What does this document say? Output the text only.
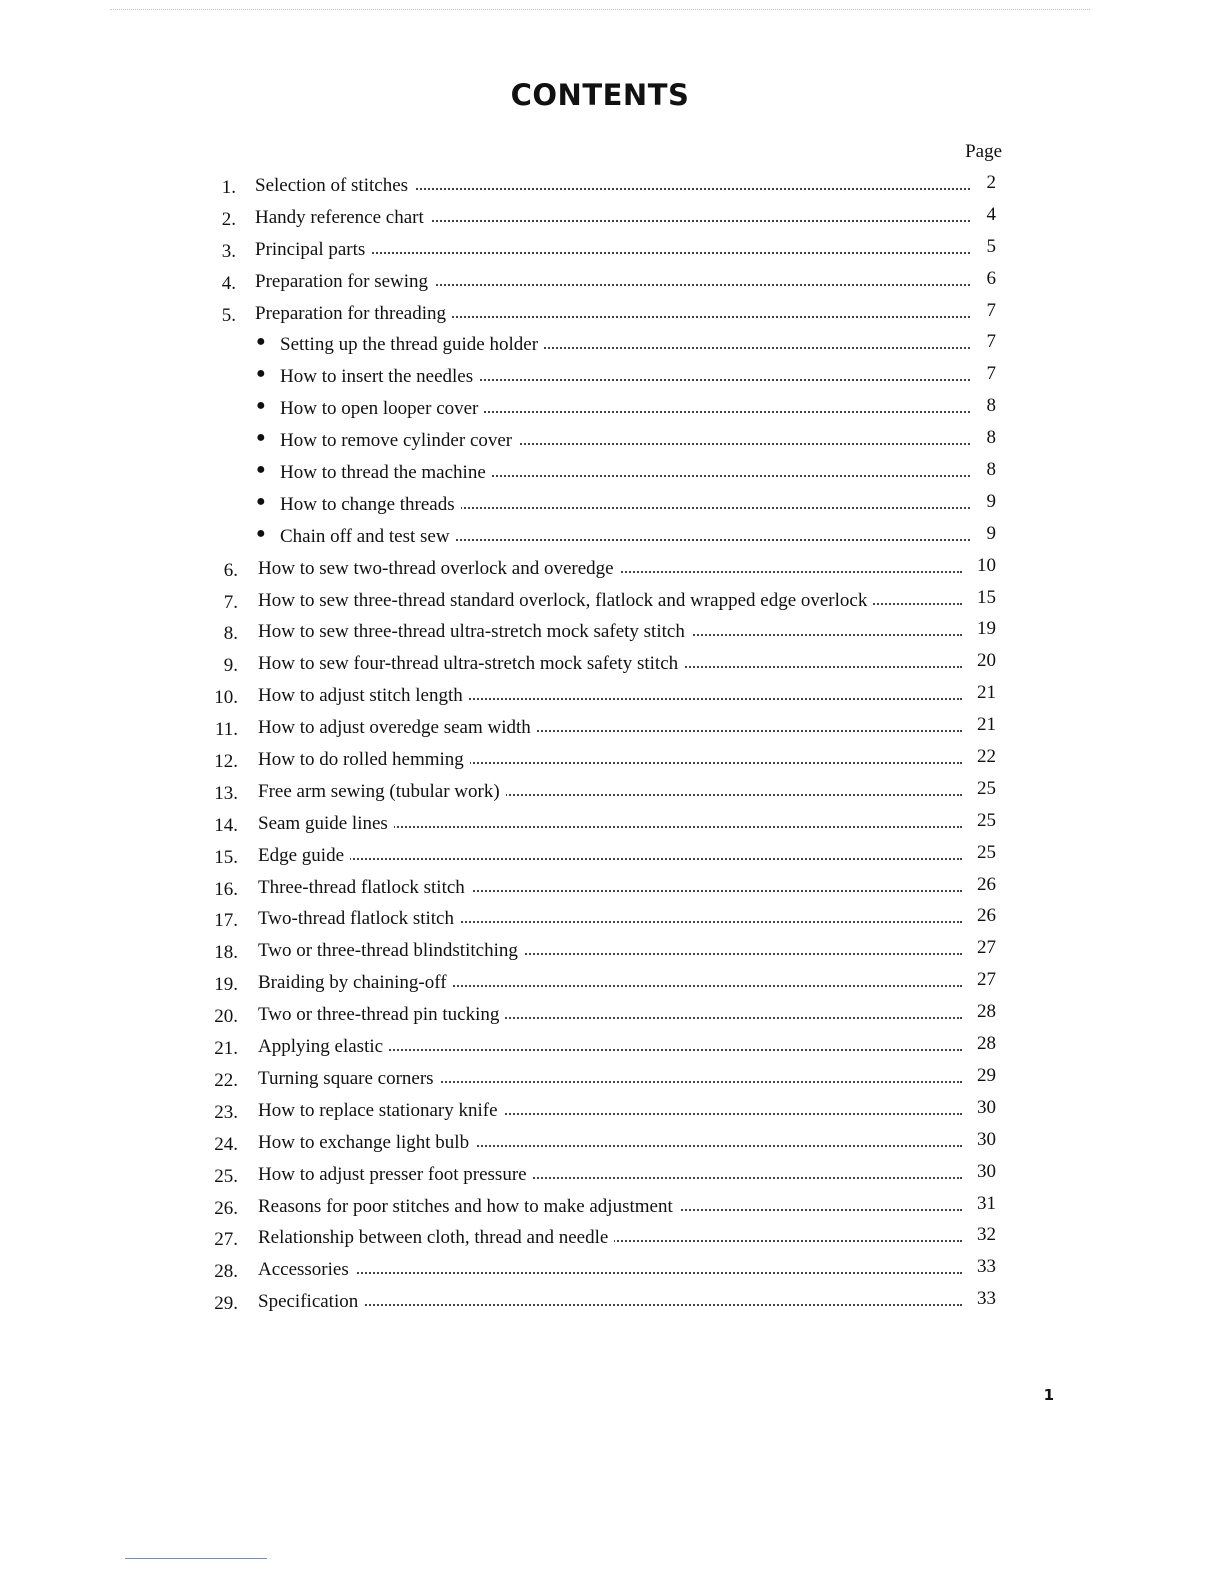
CONTENTS
Page
1. Selection of stitches	2
2. Handy reference chart	4
3. Principal parts	5
4. Preparation for sewing	6
5. Preparation for threading	7
● Setting up the thread guide holder	7
● How to insert the needles	7
● How to open looper cover	8
● How to remove cylinder cover	8
● How to thread the machine	8
● How to change threads	9
● Chain off and test sew	9
6. How to sew two-thread overlock and overedge	10
7. How to sew three-thread standard overlock, flatlock and wrapped edge overlock	15
8. How to sew three-thread ultra-stretch mock safety stitch	19
9. How to sew four-thread ultra-stretch mock safety stitch	20
10. How to adjust stitch length	21
11. How to adjust overedge seam width	21
12. How to do rolled hemming	22
13. Free arm sewing (tubular work)	25
14. Seam guide lines	25
15. Edge guide	25
16. Three-thread flatlock stitch	26
17. Two-thread flatlock stitch	26
18. Two or three-thread blindstitching	27
19. Braiding by chaining-off	27
20. Two or three-thread pin tucking	28
21. Applying elastic	28
22. Turning square corners	29
23. How to replace stationary knife	30
24. How to exchange light bulb	30
25. How to adjust presser foot pressure	30
26. Reasons for poor stitches and how to make adjustment	31
27. Relationship between cloth, thread and needle	32
28. Accessories	33
29. Specification	33
1
